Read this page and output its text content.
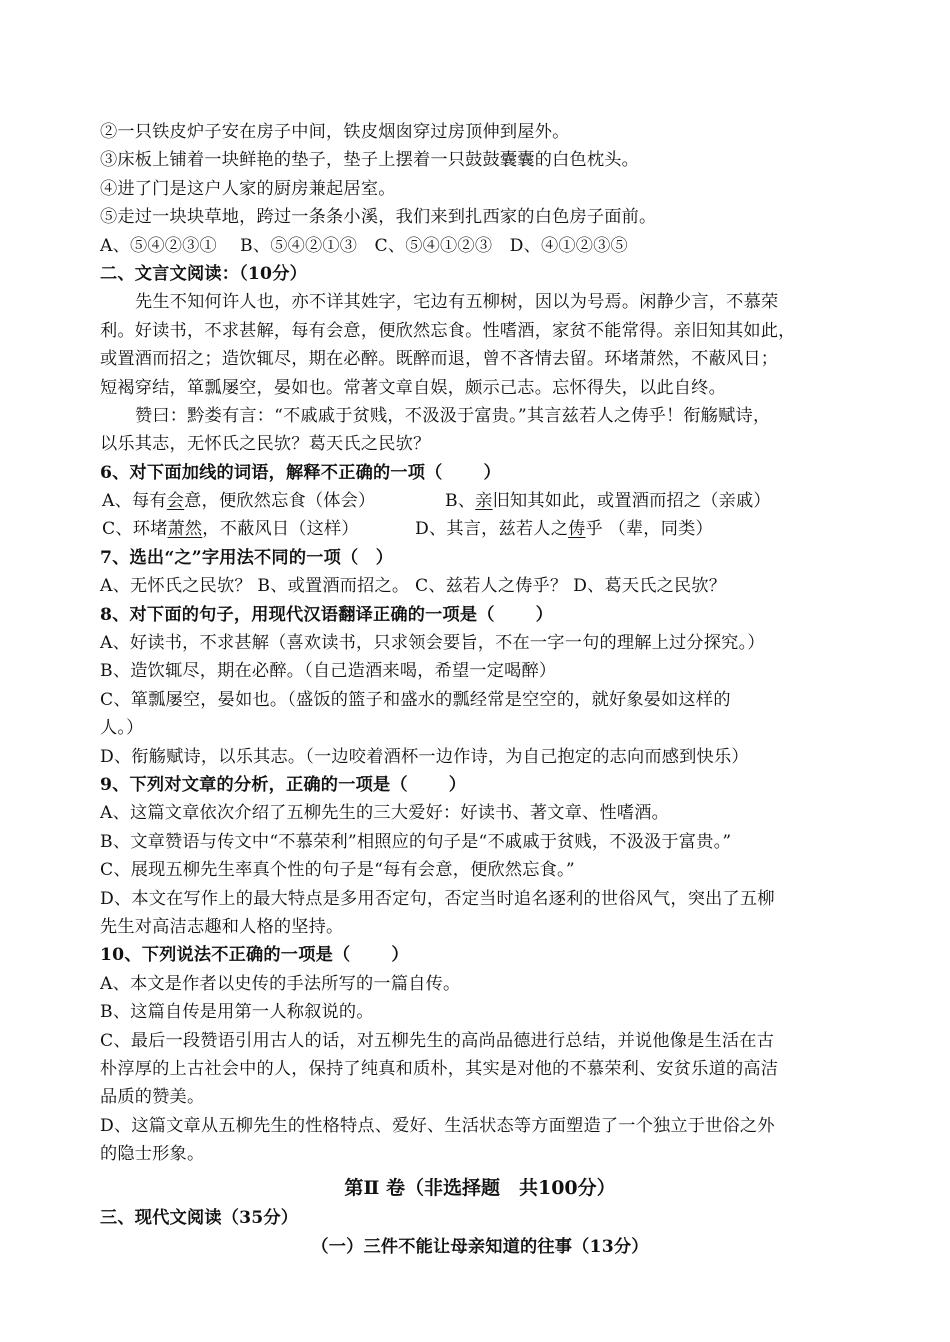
②一只铁皮炉子安在房子中间，铁皮烟囱穿过房顶伸到屋外。
③床板上铺着一块鲜艳的垫子，垫子上摆着一只鼓鼓囊囊的白色枕头。
④进了门是这户人家的厨房兼起居室。
⑤走过一块块草地，跨过一条条小溪，我们来到扎西家的白色房子面前。
A、⑤④②③①　 B、⑤④②①③　C、⑤④①②③　D、④①②③⑤
二、文言文阅读：（10分）
先生不知何许人也，亦不详其姓字，宅边有五柳树，因以为号焉。闲静少言，不慕荣
利。好读书，不求甚解，每有会意，便欣然忘食。性嗜酒，家贫不能常得。亲旧知其如此，
或置酒而招之；造饮辄尽，期在必醉。既醉而退，曾不吝情去留。环堵萧然，不蔽风日；
短褐穿结，箪瓢屡空，晏如也。常著文章自娱，颇示己志。忘怀得失，以此自终。
赞曰：黔娄有言：“不戚戚于贫贱，不汲汲于富贵。”其言兹若人之俦乎！衔觞赋诗，
以乐其志，无怀氏之民欤？葛天氏之民欤？
6、对下面加线的词语，解释不正确的一项（　　 ）
A、每有会意，便欣然忘食（体会）	B、亲旧知其如此，或置酒而招之（亲戚）
C、环堵萧然，不蔽风日（这样）	D、其言，兹若人之俦乎 （辈，同类）
7、选出“之”字用法不同的一项（　）
A、无怀氏之民欤？ B、或置酒而招之。 C、兹若人之俦乎？ D、葛天氏之民欤？
8、对下面的句子，用现代汉语翻译正确的一项是（　　 ）
A、好读书，不求甚解（喜欢读书，只求领会要旨，不在一字一句的理解上过分探究。）
B、造饮辄尽，期在必醉。（自己造酒来喝，希望一定喝醉）
C、箪瓢屡空，晏如也。（盛饭的篮子和盛水的瓢经常是空空的，就好象晏如这样的
人。）
D、衔觞赋诗，以乐其志。（一边咬着酒杯一边作诗，为自己抱定的志向而感到快乐）
9、下列对文章的分析，正确的一项是（　　 ）
A、这篇文章依次介绍了五柳先生的三大爱好：好读书、著文章、性嗜酒。
B、文章赞语与传文中“不慕荣利”相照应的句子是“不戚戚于贫贱，不汲汲于富贵。”
C、展现五柳先生率真个性的句子是“每有会意，便欣然忘食。”
D、本文在写作上的最大特点是多用否定句，否定当时追名逐利的世俗风气，突出了五柳
先生对高洁志趣和人格的坚持。
10、下列说法不正确的一项是（　　 ）
A、本文是作者以史传的手法所写的一篇自传。
B、这篇自传是用第一人称叙说的。
C、最后一段赞语引用古人的话，对五柳先生的高尚品德进行总结，并说他像是生活在古
朴淳厚的上古社会中的人，保持了纯真和质朴，其实是对他的不慕荣利、安贫乐道的高洁
品质的赞美。
D、这篇文章从五柳先生的性格特点、爱好、生活状态等方面塑造了一个独立于世俗之外
的隐士形象。
第Ⅱ 卷（非选择题　共100分）
三、现代文阅读（35分）
（一）三件不能让母亲知道的往事（13分）
